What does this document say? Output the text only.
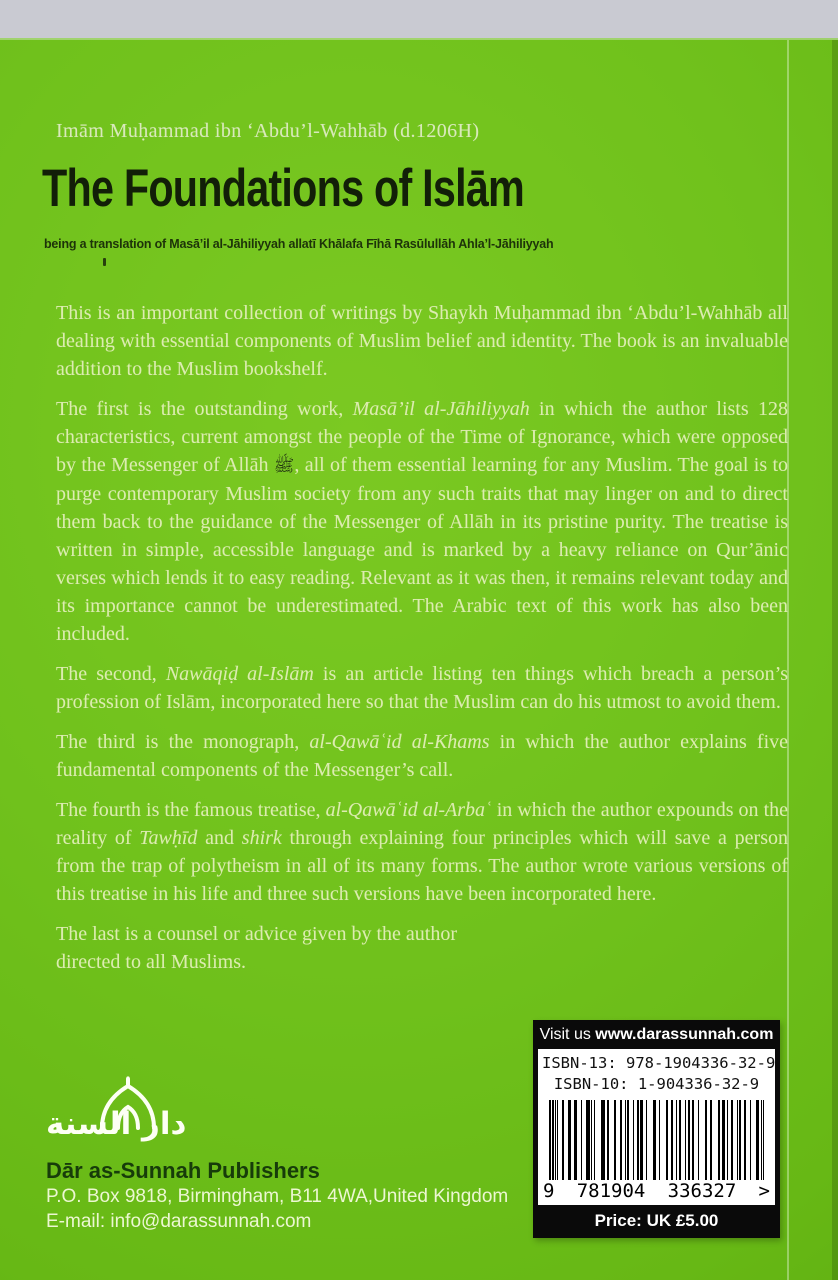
Imām Muḥammad ibn ‘Abdu’l-Wahhāb (d.1206H)
The Foundations of Islām
being a translation of Masā’il al-Jāhiliyyah allatī Khālafa Fīhā Rasūlullāh Ahla’l-Jāhiliyyah

This is an important collection of writings by Shaykh Muḥammad ibn ‘Abdu’l-Wahhāb all dealing with essential components of Muslim belief and identity. The book is an invaluable addition to the Muslim bookshelf.

The first is the outstanding work, Masā’il al-Jāhiliyyah in which the author lists 128 characteristics, current amongst the people of the Time of Ignorance, which were opposed by the Messenger of Allāh ﷺ, all of them essential learning for any Muslim. The goal is to purge contemporary Muslim society from any such traits that may linger on and to direct them back to the guidance of the Messenger of Allāh in its pristine purity. The treatise is written in simple, accessible language and is marked by a heavy reliance on Qur’ānic verses which lends it to easy reading. Relevant as it was then, it remains relevant today and its importance cannot be underestimated. The Arabic text of this work has also been included.

The second, Nawāqiḍ al-Islām is an article listing ten things which breach a person’s profession of Islām, incorporated here so that the Muslim can do his utmost to avoid them.

The third is the monograph, al-Qawāʿid al-Khams in which the author explains five fundamental components of the Messenger’s call.

The fourth is the famous treatise, al-Qawāʿid al-Arbaʿ in which the author expounds on the reality of Tawḥīd and shirk through explaining four principles which will save a person from the trap of polytheism in all of its many forms. The author wrote various versions of this treatise in his life and three such versions have been incorporated here.

The last is a counsel or advice given by the author directed to all Muslims.

Visit us www.darassunnah.com
ISBN-13: 978-1904336-32-9
ISBN-10: 1-904336-32-9
9 781904 336327 >
Price: UK £5.00
دار السنة
Dār as-Sunnah Publishers
P.O. Box 9818, Birmingham, B11 4WA,United Kingdom
E-mail: info@darassunnah.com
